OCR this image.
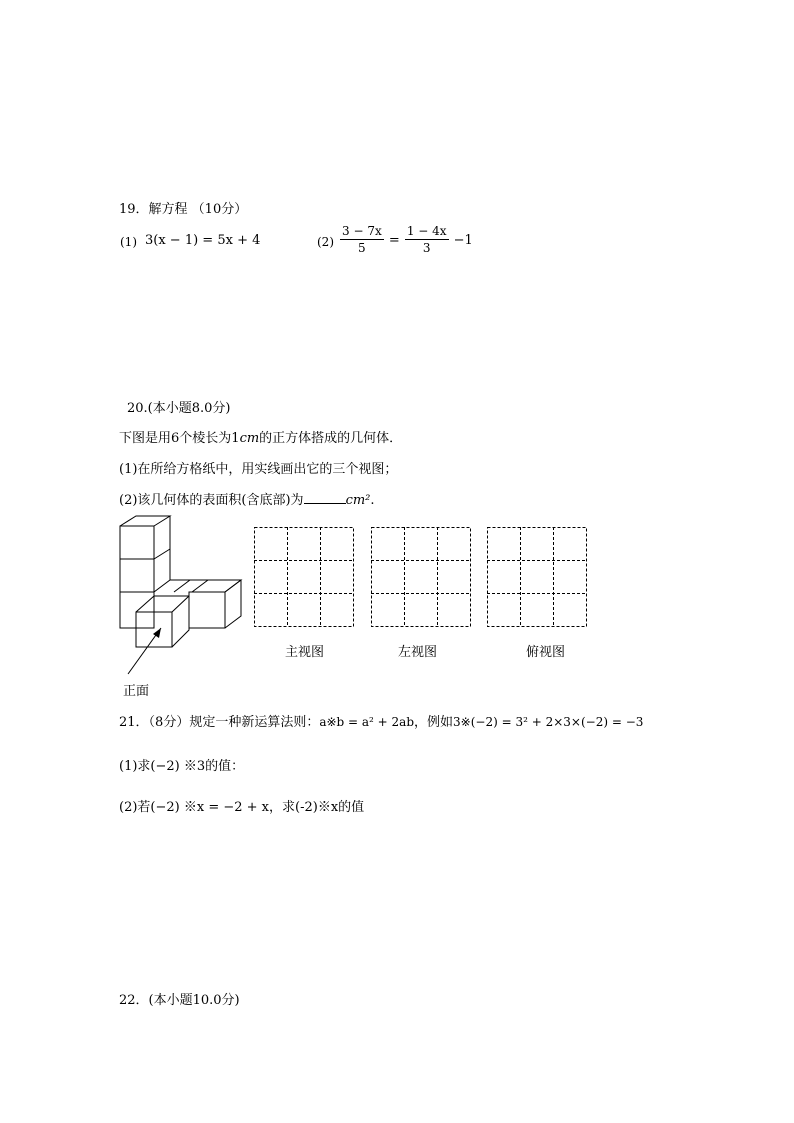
19．解方程 （10分）
(1) 3(x − 1) = 5x + 4	$(2) \frac{3 - 7x}{5} = \frac{1 - 4x}{3} -1$
20.(本小题8.0分)
下图是用6个棱长为1cm的正方体搭成的几何体．
(1)在所给方格纸中，用实线画出它的三个视图；
(2)该几何体的表面积(含底部)为	cm².
正面
主视图	左视图	俯视图
21．（8分）规定一种新运算法则：a※b = a² + 2ab，例如3※(−2) = 3² + 2×3×(−2) = −3
(1)求(−2) ※3的值：
(2)若(−2) ※x = −2 + x，求(-2)※x的值
22．(本小题10.0分)
